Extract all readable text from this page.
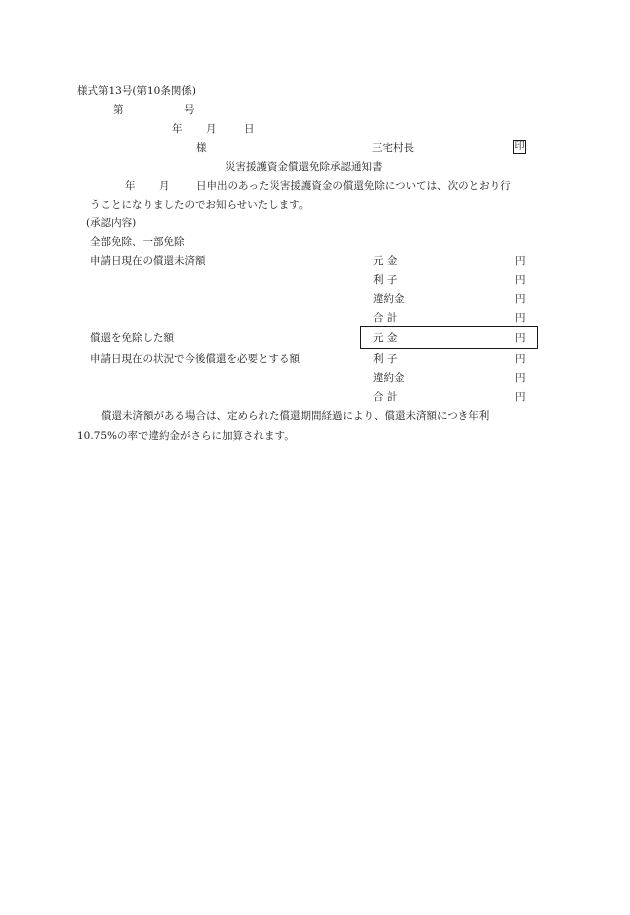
様式第13号(第10条関係)
第	号
年 月	日
様	三宅村長	印
災害援護資金償還免除承認通知書
年 月	日申出のあった災害援護資金の償還免除については、次のとおり行
うことになりましたのでお知らせいたします。
(承認内容)
全部免除、一部免除
申請日現在の償還未済額	元 金	円
利 子	円
違約金	円
合 計	円
償還を免除した額	元 金	円
申請日現在の状況で今後償還を必要とする額	利 子	円
違約金	円
合 計	円
償還未済額がある場合は、定められた償還期間経過により、償還未済額につき年利
10.75%の率で違約金がさらに加算されます。
